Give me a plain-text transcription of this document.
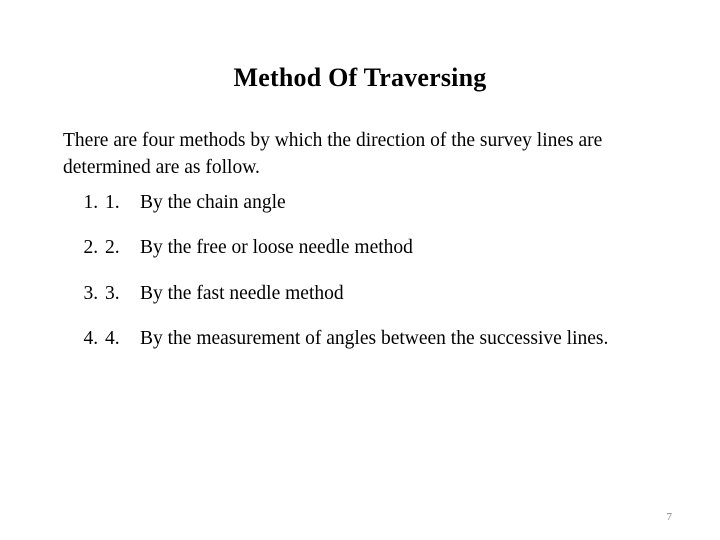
Method Of Traversing

There are four methods by which the direction of the survey lines are determined are as follow.

1. 1.	By the chain angle
2. 2.	By the free or loose needle method
3. 3.	By the fast needle method
4. 4.	By the measurement of angles between the successive lines.
7
